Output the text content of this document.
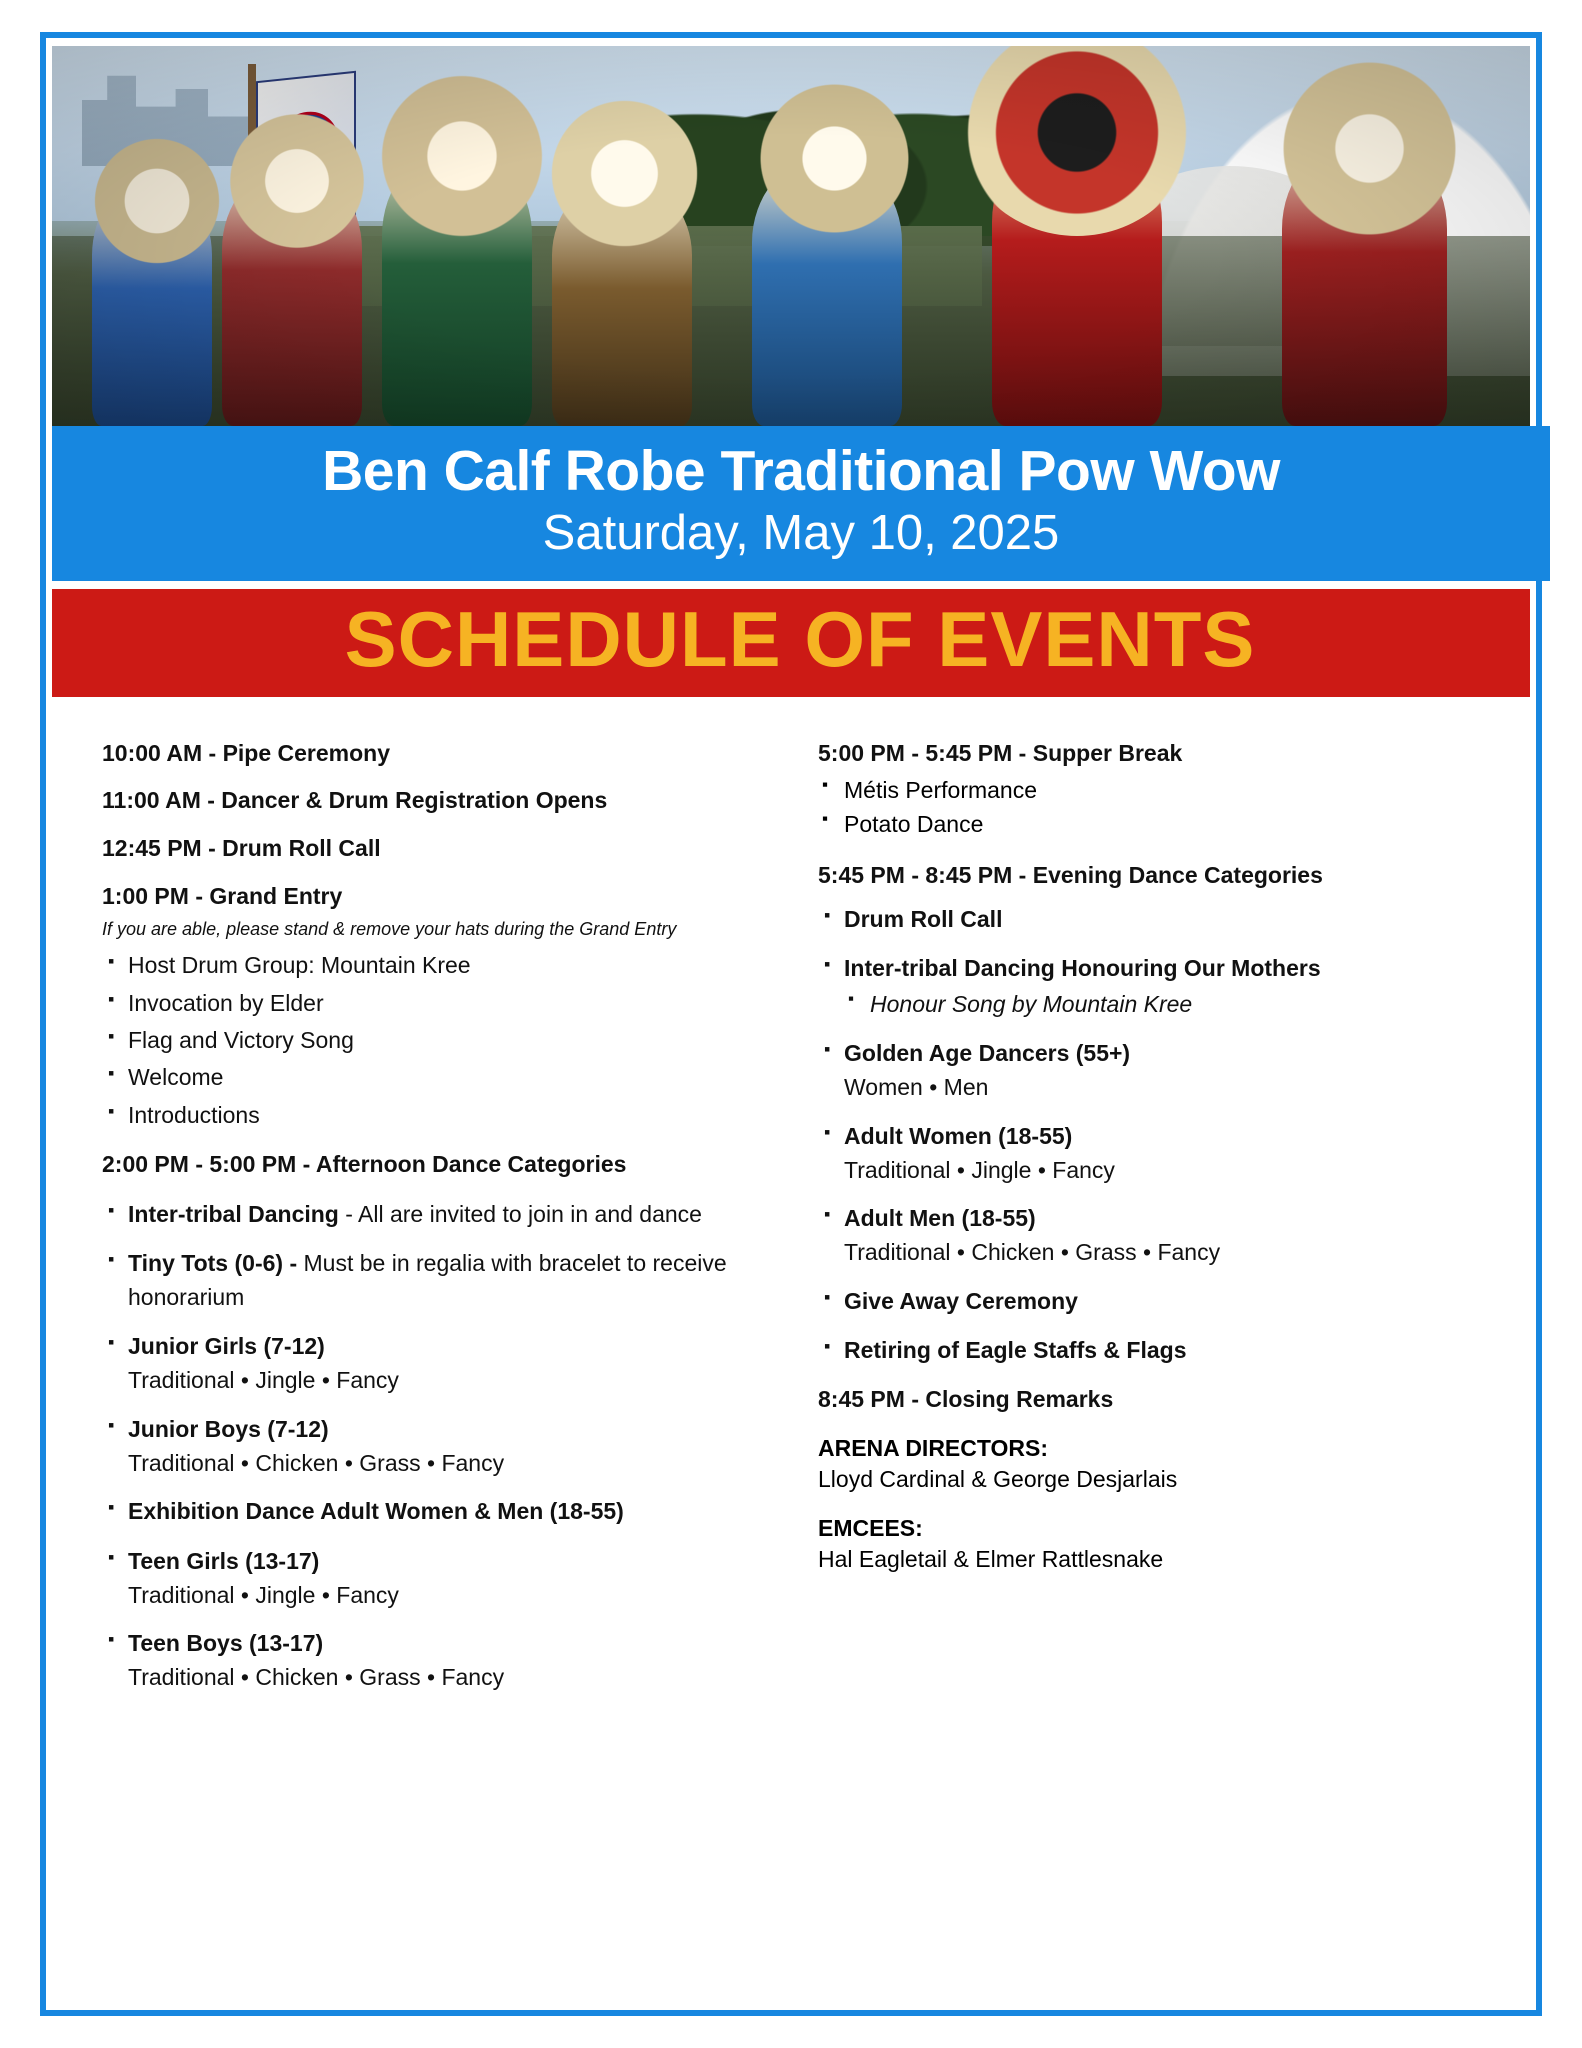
Ben Calf Robe Traditional Pow Wow
Saturday, May 10, 2025
SCHEDULE OF EVENTS
10:00 AM - Pipe Ceremony
11:00 AM - Dancer & Drum Registration Opens
12:45 PM - Drum Roll Call
1:00 PM - Grand Entry
If you are able, please stand & remove your hats during the Grand Entry
▪ Host Drum Group: Mountain Kree
▪ Invocation by Elder
▪ Flag and Victory Song
▪ Welcome
▪ Introductions
2:00 PM - 5:00 PM - Afternoon Dance Categories
▪ Inter-tribal Dancing - All are invited to join in and dance
▪ Tiny Tots (0-6) - Must be in regalia with bracelet to receive honorarium
▪ Junior Girls (7-12)
Traditional • Jingle • Fancy
▪ Junior Boys (7-12)
Traditional • Chicken • Grass • Fancy
▪ Exhibition Dance Adult Women & Men (18-55)
▪ Teen Girls (13-17)
Traditional • Jingle • Fancy
▪ Teen Boys (13-17)
Traditional • Chicken • Grass • Fancy
5:00 PM - 5:45 PM - Supper Break
▪ Métis Performance
▪ Potato Dance
5:45 PM - 8:45 PM - Evening Dance Categories
▪ Drum Roll Call
▪ Inter-tribal Dancing Honouring Our Mothers
▪ Honour Song by Mountain Kree
▪ Golden Age Dancers (55+)
Women • Men
▪ Adult Women (18-55)
Traditional • Jingle • Fancy
▪ Adult Men (18-55)
Traditional • Chicken • Grass • Fancy
▪ Give Away Ceremony
▪ Retiring of Eagle Staffs & Flags
8:45 PM - Closing Remarks
ARENA DIRECTORS:
Lloyd Cardinal & George Desjarlais
EMCEES:
Hal Eagletail & Elmer Rattlesnake
